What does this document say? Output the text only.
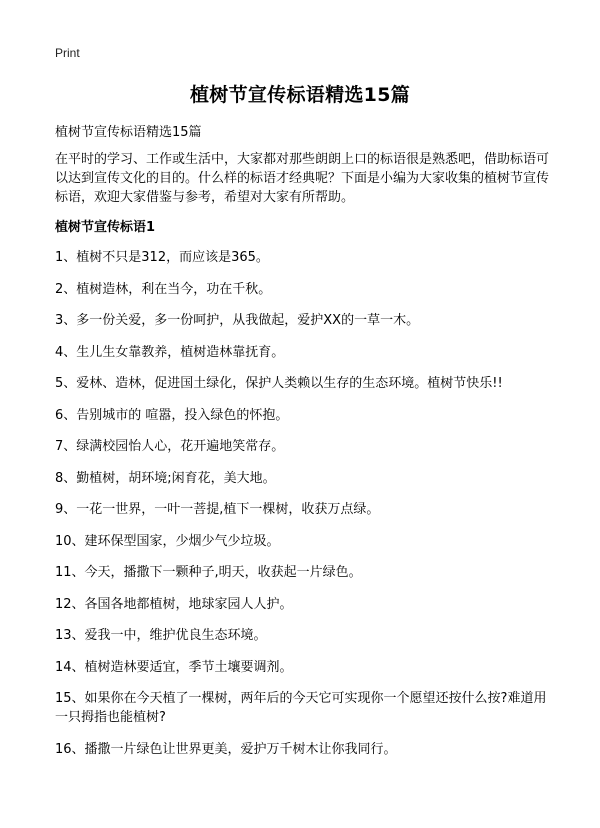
Print
植树节宣传标语精选15篇
植树节宣传标语精选15篇
在平时的学习、工作或生活中，大家都对那些朗朗上口的标语很是熟悉吧，借助标语可以达到宣传文化的目的。什么样的标语才经典呢？下面是小编为大家收集的植树节宣传标语，欢迎大家借鉴与参考，希望对大家有所帮助。
植树节宣传标语1
1、植树不只是312，而应该是365。
2、植树造林，利在当今，功在千秋。
3、多一份关爱，多一份呵护，从我做起，爱护XX的一草一木。
4、生儿生女靠教养，植树造林靠抚育。
5、爱林、造林，促进国土绿化，保护人类赖以生存的生态环境。植树节快乐!!
6、告别城市的 喧嚣，投入绿色的怀抱。
7、绿满校园怡人心，花开遍地笑常存。
8、勤植树，胡环境;闲育花，美大地。
9、一花一世界，一叶一菩提,植下一棵树，收获万点绿。
10、建环保型国家，少烟少气少垃圾。
11、今天，播撒下一颗种子,明天，收获起一片绿色。
12、各国各地都植树，地球家园人人护。
13、爱我一中，维护优良生态环境。
14、植树造林要适宜，季节土壤要调剂。
15、如果你在今天植了一棵树，两年后的今天它可实现你一个愿望还按什么按?难道用一只拇指也能植树?
16、播撒一片绿色让世界更美，爱护万千树木让你我同行。
